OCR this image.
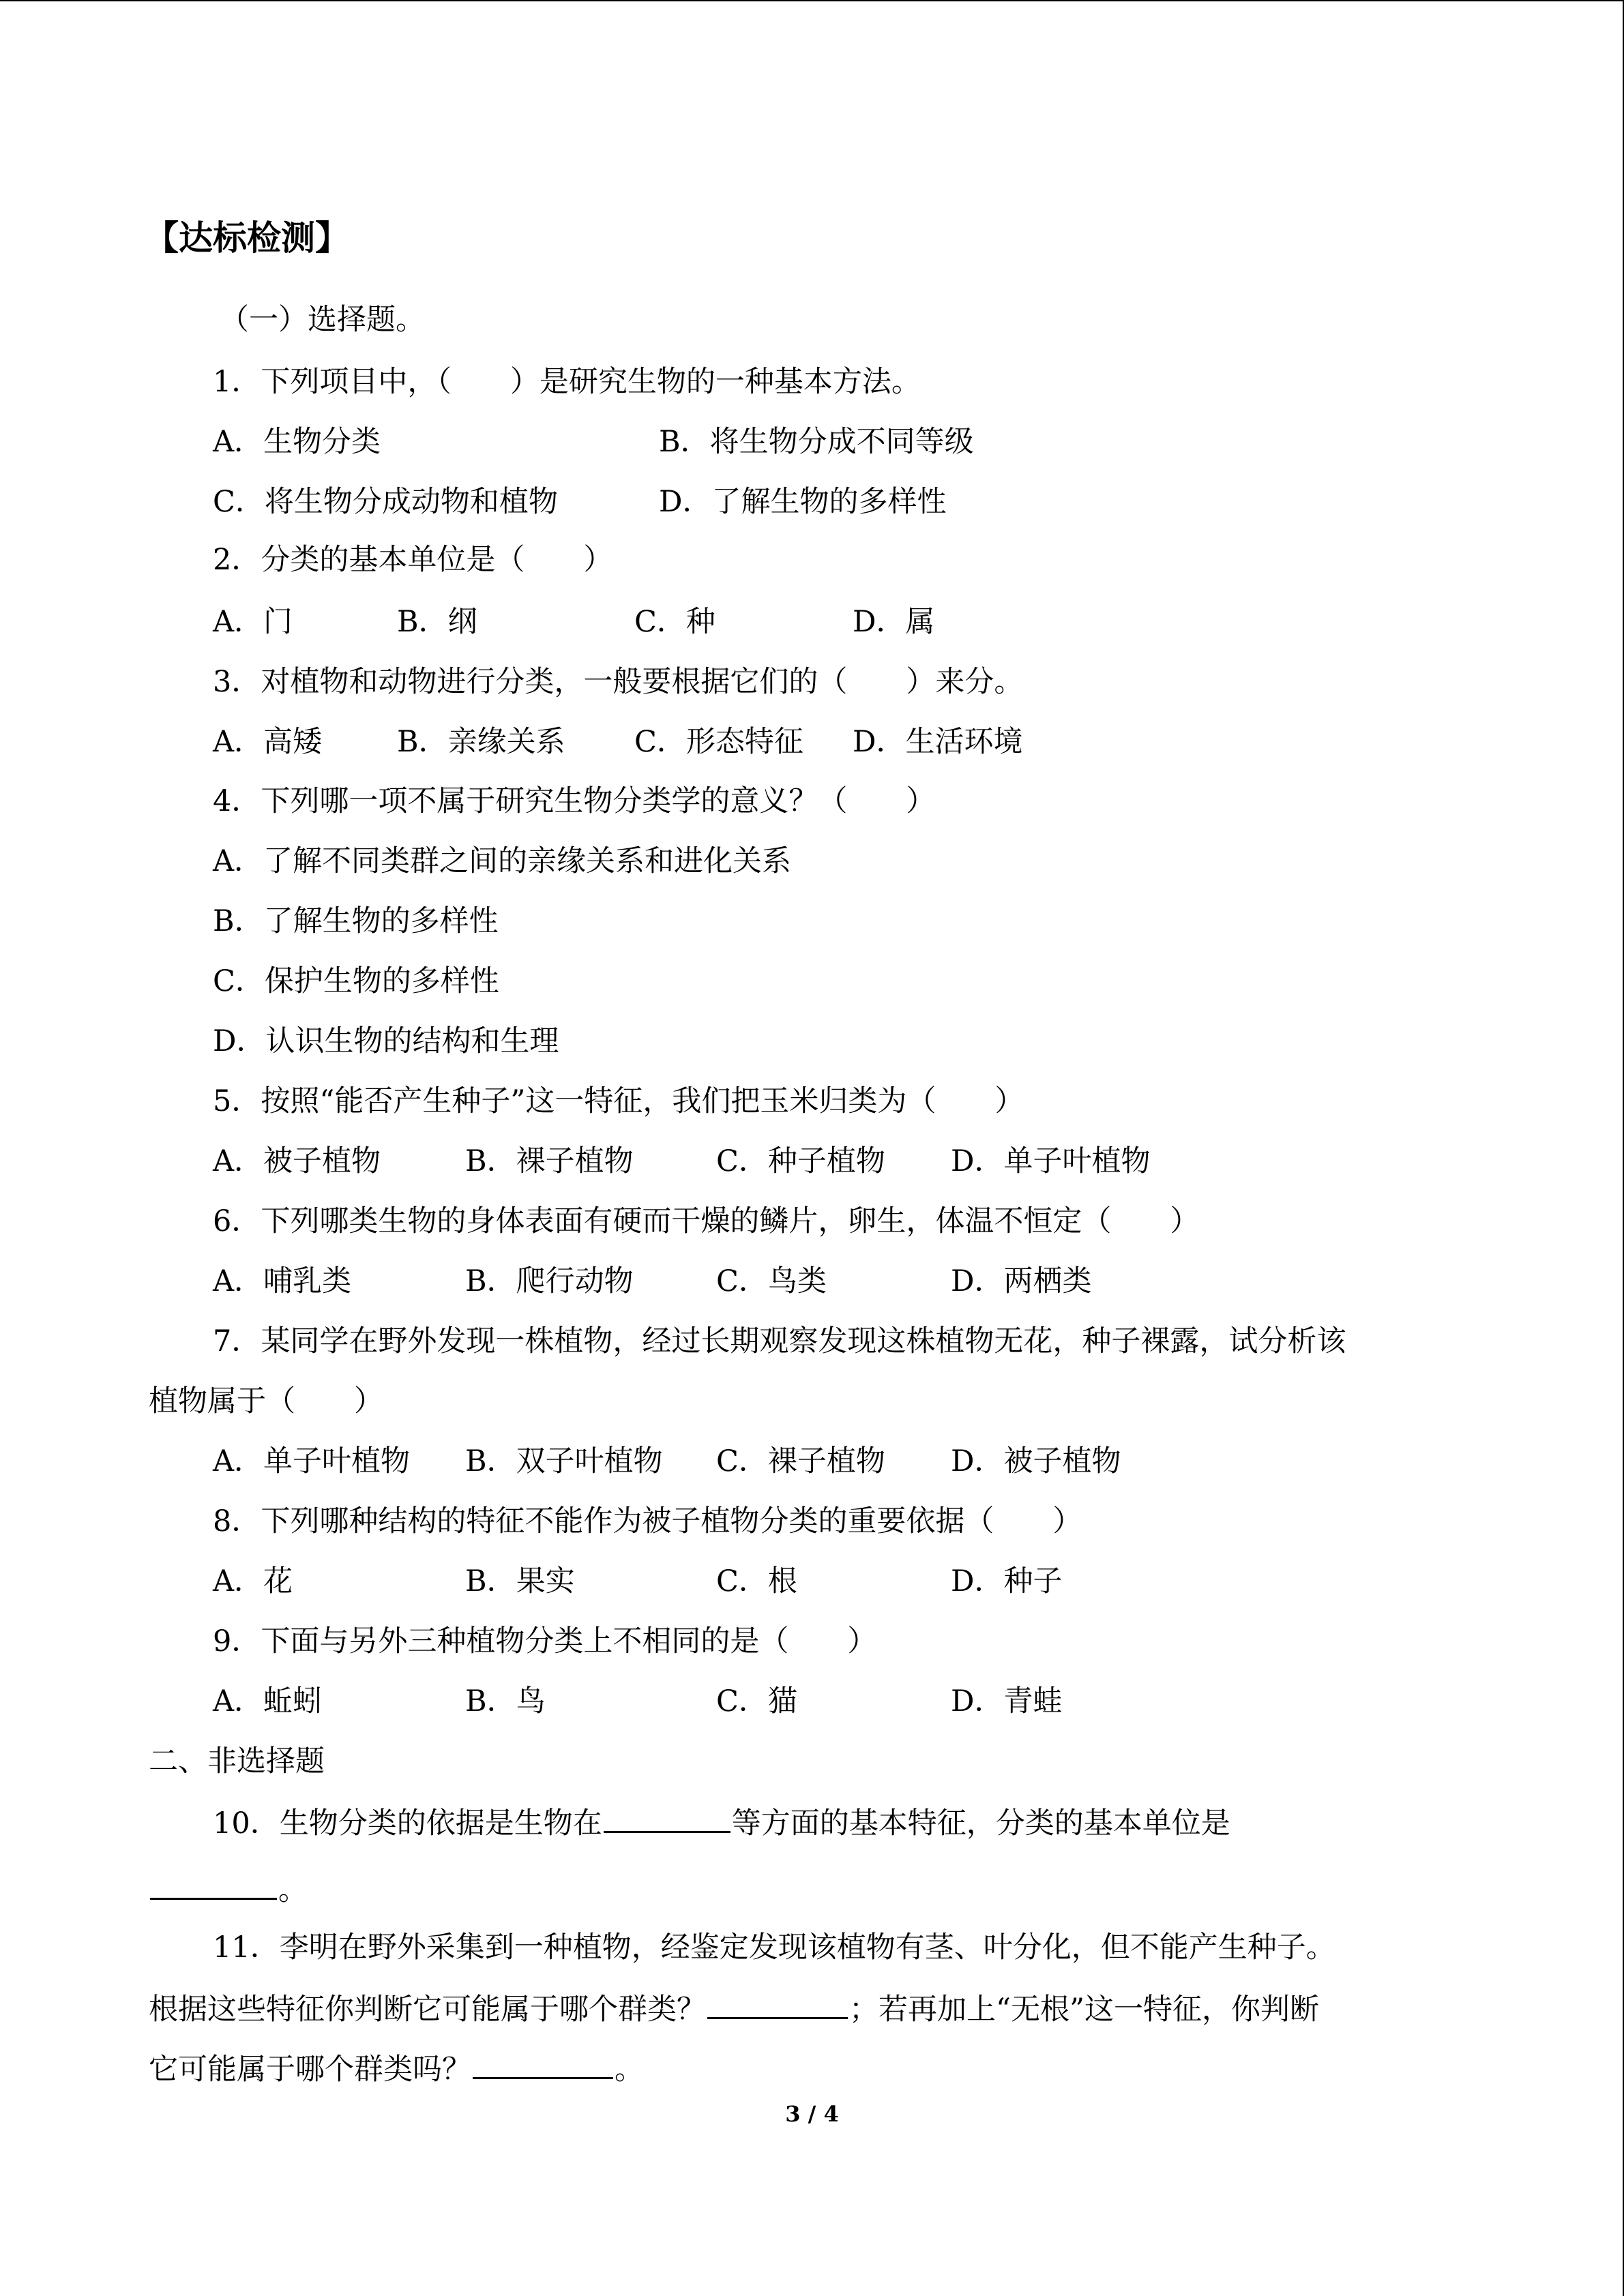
【达标检测】
（一）选择题。
1．下列项目中，（　　）是研究生物的一种基本方法。
A．生物分类	B．将生物分成不同等级
C．将生物分成动物和植物	D．了解生物的多样性
2．分类的基本单位是（　　）
A．门	B．纲	C．种	D．属
3．对植物和动物进行分类，一般要根据它们的（　　）来分。
A．高矮	B．亲缘关系 C．形态特征 D．生活环境
4．下列哪一项不属于研究生物分类学的意义？（　　）
A．了解不同类群之间的亲缘关系和进化关系
B．了解生物的多样性
C．保护生物的多样性
D．认识生物的结构和生理
5．按照“能否产生种子”这一特征，我们把玉米归类为（　　）
A．被子植物	B．裸子植物	C．种子植物 D．单子叶植物
6．下列哪类生物的身体表面有硬而干燥的鳞片，卵生，体温不恒定（　　）
A．哺乳类	B．爬行动物	C．鸟类	D．两栖类
7．某同学在野外发现一株植物，经过长期观察发现这株植物无花，种子裸露，试分析该
植物属于（　　）
A．单子叶植物 B．双子叶植物 C．裸子植物 D．被子植物
8．下列哪种结构的特征不能作为被子植物分类的重要依据（　　）
A．花	B．果实	C．根	D．种子
9．下面与另外三种植物分类上不相同的是（　　）
A．蚯蚓	B．鸟	C．猫	D．青蛙
二、非选择题
10．生物分类的依据是生物在	等方面的基本特征，分类的基本单位是
。
11．李明在野外采集到一种植物，经鉴定发现该植物有茎、叶分化，但不能产生种子。
根据这些特征你判断它可能属于哪个群类？	；若再加上“无根”这一特征，你判断
它可能属于哪个群类吗？	。
3 / 4
